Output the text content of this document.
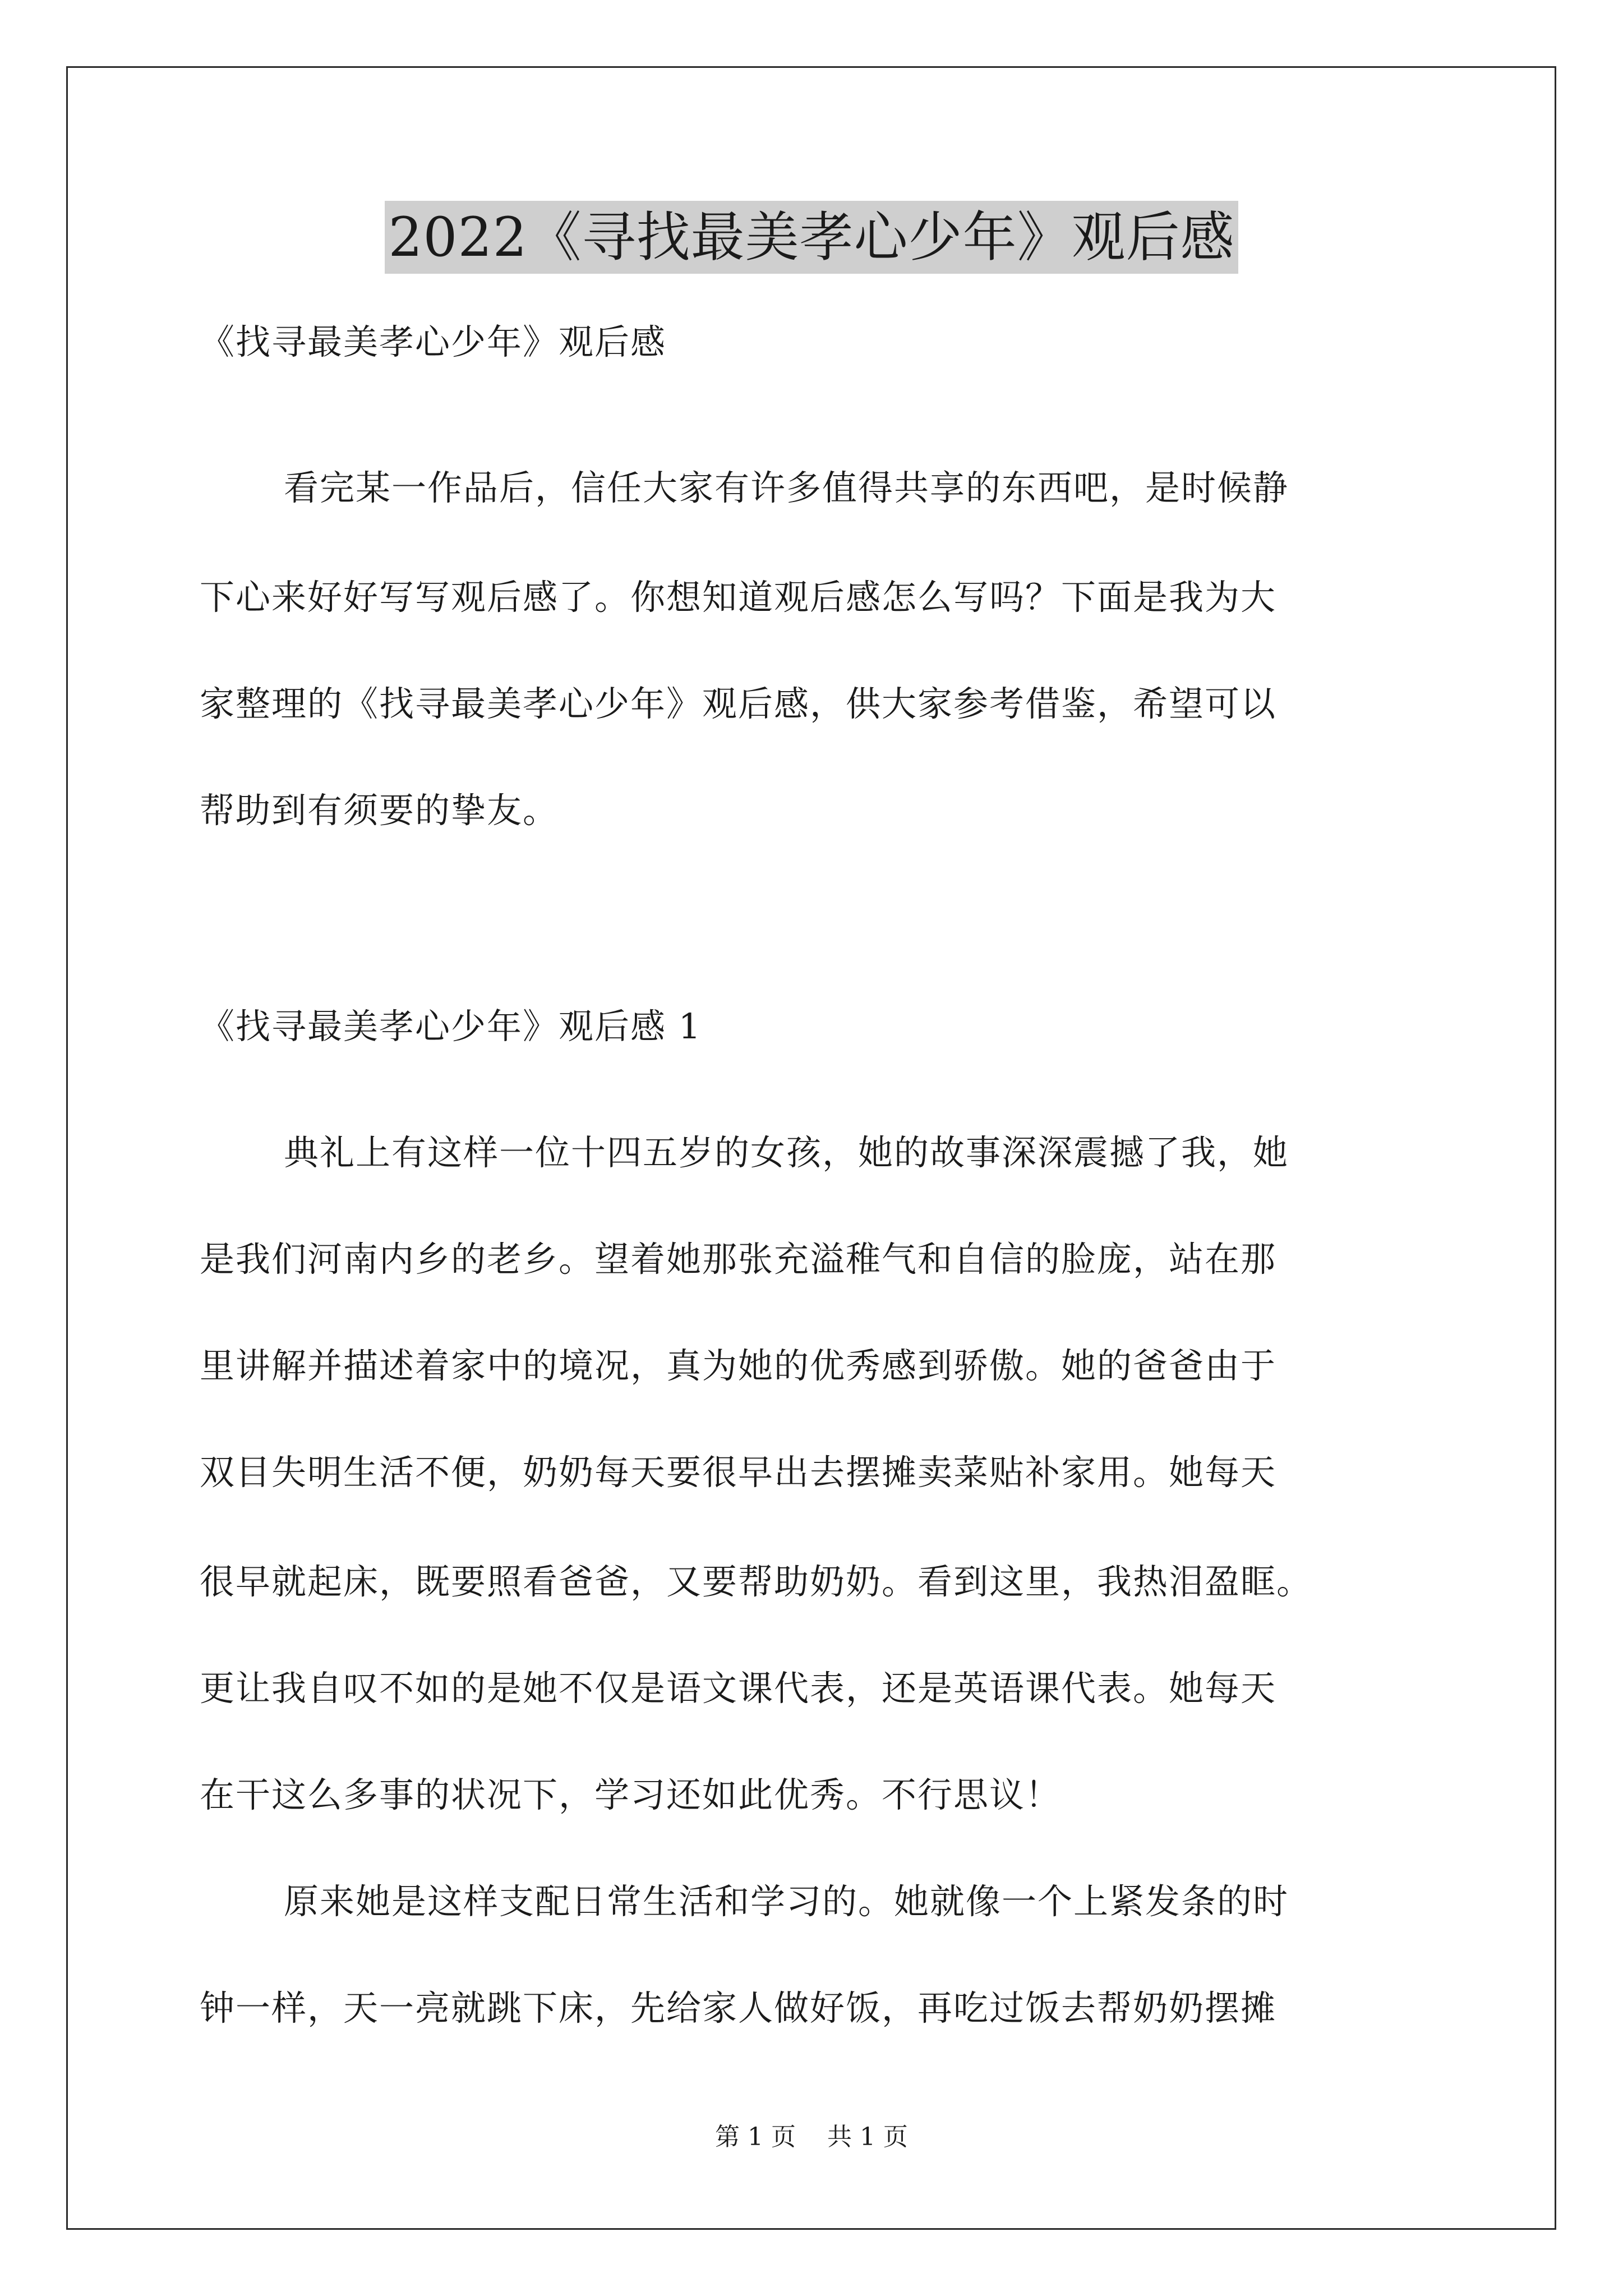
2022《寻找最美孝心少年》观后感
《找寻最美孝心少年》观后感
看完某一作品后，信任大家有许多值得共享的东西吧，是时候静
下心来好好写写观后感了。你想知道观后感怎么写吗？下面是我为大
家整理的《找寻最美孝心少年》观后感，供大家参考借鉴，希望可以
帮助到有须要的挚友。
《找寻最美孝心少年》观后感 1
典礼上有这样一位十四五岁的女孩，她的故事深深震撼了我，她
是我们河南内乡的老乡。望着她那张充溢稚气和自信的脸庞，站在那
里讲解并描述着家中的境况，真为她的优秀感到骄傲。她的爸爸由于
双目失明生活不便，奶奶每天要很早出去摆摊卖菜贴补家用。她每天
很早就起床，既要照看爸爸，又要帮助奶奶。看到这里，我热泪盈眶。
更让我自叹不如的是她不仅是语文课代表，还是英语课代表。她每天
在干这么多事的状况下，学习还如此优秀。不行思议！
原来她是这样支配日常生活和学习的。她就像一个上紧发条的时
钟一样，天一亮就跳下床，先给家人做好饭，再吃过饭去帮奶奶摆摊
第 1 页    共 1 页
